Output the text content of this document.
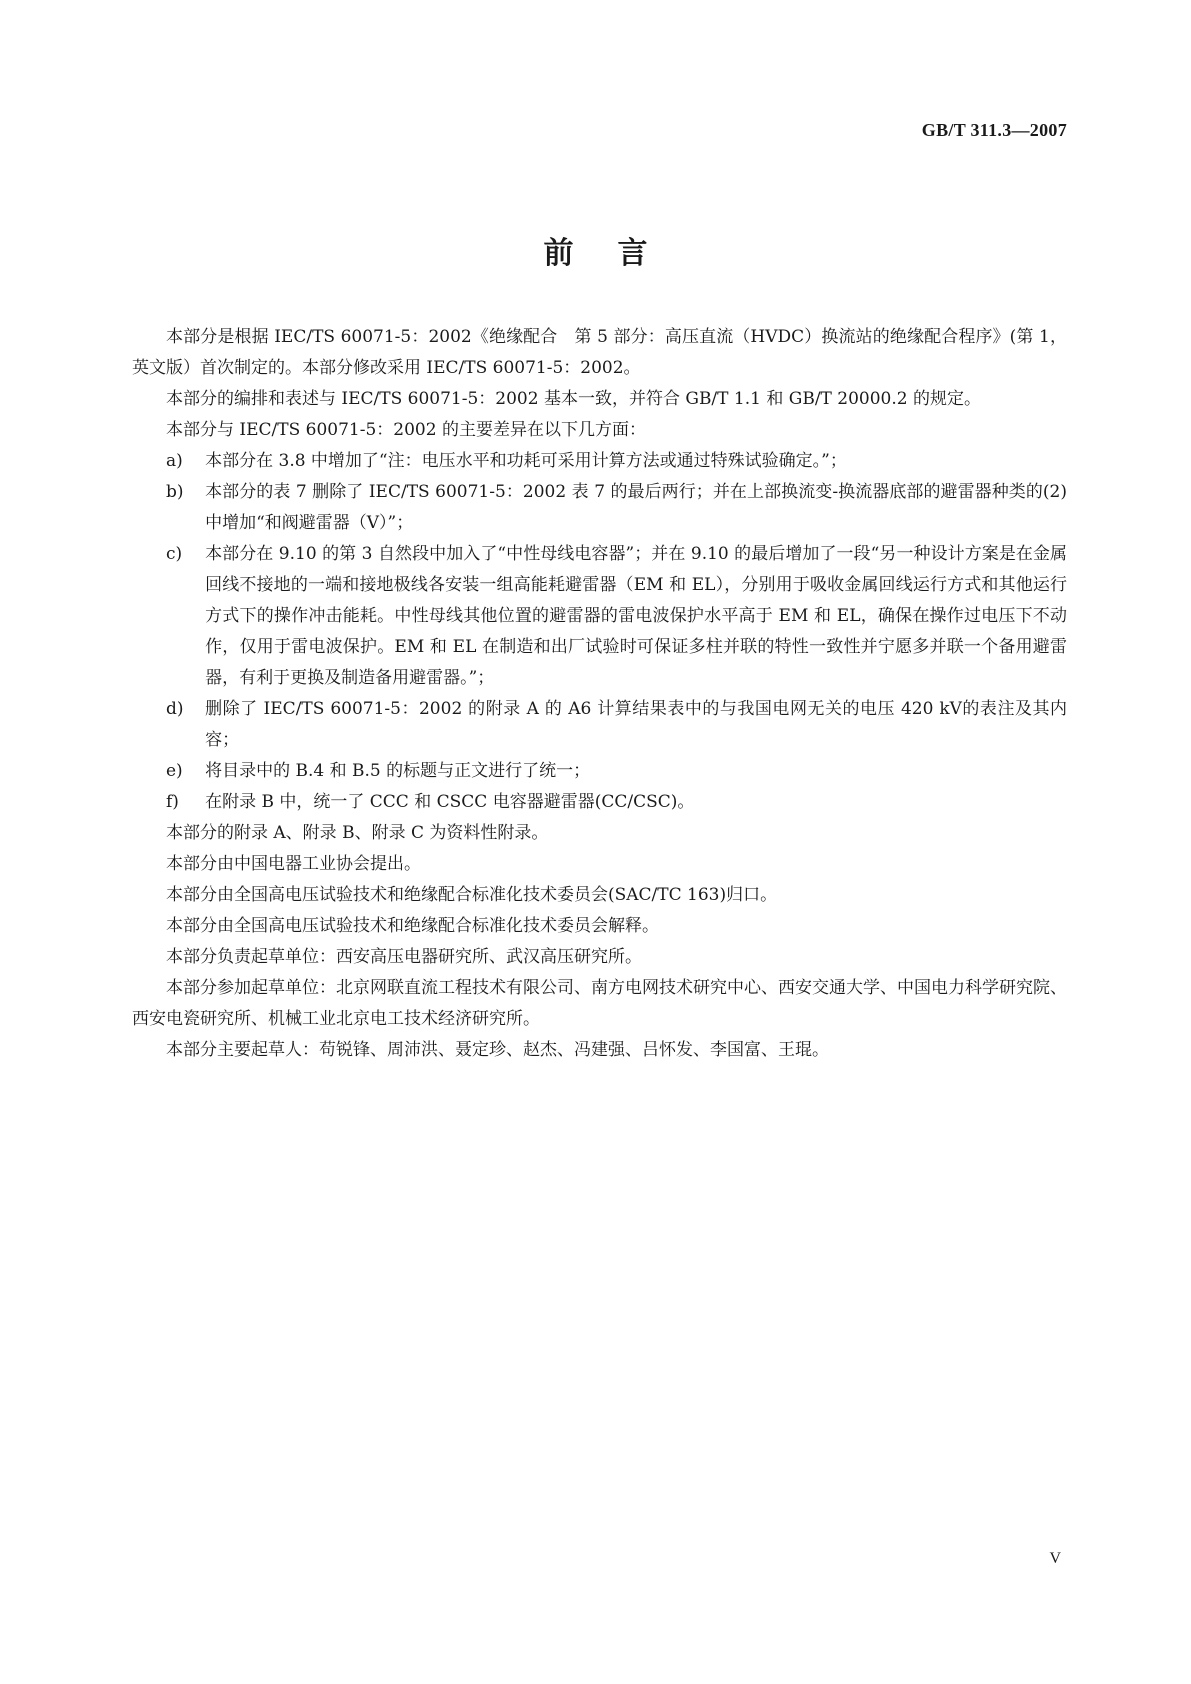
GB/T 311.3—2007
前言

本部分是根据 IEC/TS 60071-5：2002《绝缘配合　第 5 部分：高压直流（HVDC）换流站的绝缘配合程序》(第 1，英文版）首次制定的。本部分修改采用 IEC/TS 60071-5：2002。

本部分的编排和表述与 IEC/TS 60071-5：2002 基本一致，并符合 GB/T 1.1 和 GB/T 20000.2 的规定。

本部分与 IEC/TS 60071-5：2002 的主要差异在以下几方面：

a)	本部分在 3.8 中增加了“注：电压水平和功耗可采用计算方法或通过特殊试验确定。”；
b)	本部分的表 7 删除了 IEC/TS 60071-5：2002 表 7 的最后两行；并在上部换流变-换流器底部的避雷器种类的(2)中增加“和阀避雷器（V）”；
c)	本部分在 9.10 的第 3 自然段中加入了“中性母线电容器”；并在 9.10 的最后增加了一段“另一种设计方案是在金属回线不接地的一端和接地极线各安装一组高能耗避雷器（EM 和 EL），分别用于吸收金属回线运行方式和其他运行方式下的操作冲击能耗。中性母线其他位置的避雷器的雷电波保护水平高于 EM 和 EL，确保在操作过电压下不动作，仅用于雷电波保护。EM 和 EL 在制造和出厂试验时可保证多柱并联的特性一致性并宁愿多并联一个备用避雷器，有利于更换及制造备用避雷器。”；
d)	删除了 IEC/TS 60071-5：2002 的附录 A 的 A6 计算结果表中的与我国电网无关的电压 420 kV的表注及其内容；
e)	将目录中的 B.4 和 B.5 的标题与正文进行了统一；
f)	在附录 B 中，统一了 CCC 和 CSCC 电容器避雷器(CC/CSC)。

本部分的附录 A、附录 B、附录 C 为资料性附录。

本部分由中国电器工业协会提出。

本部分由全国高电压试验技术和绝缘配合标准化技术委员会(SAC/TC 163)归口。

本部分由全国高电压试验技术和绝缘配合标准化技术委员会解释。

本部分负责起草单位：西安高压电器研究所、武汉高压研究所。

本部分参加起草单位：北京网联直流工程技术有限公司、南方电网技术研究中心、西安交通大学、中国电力科学研究院、西安电瓷研究所、机械工业北京电工技术经济研究所。

本部分主要起草人：苟锐锋、周沛洪、聂定珍、赵杰、冯建强、吕怀发、李国富、王琨。

V
